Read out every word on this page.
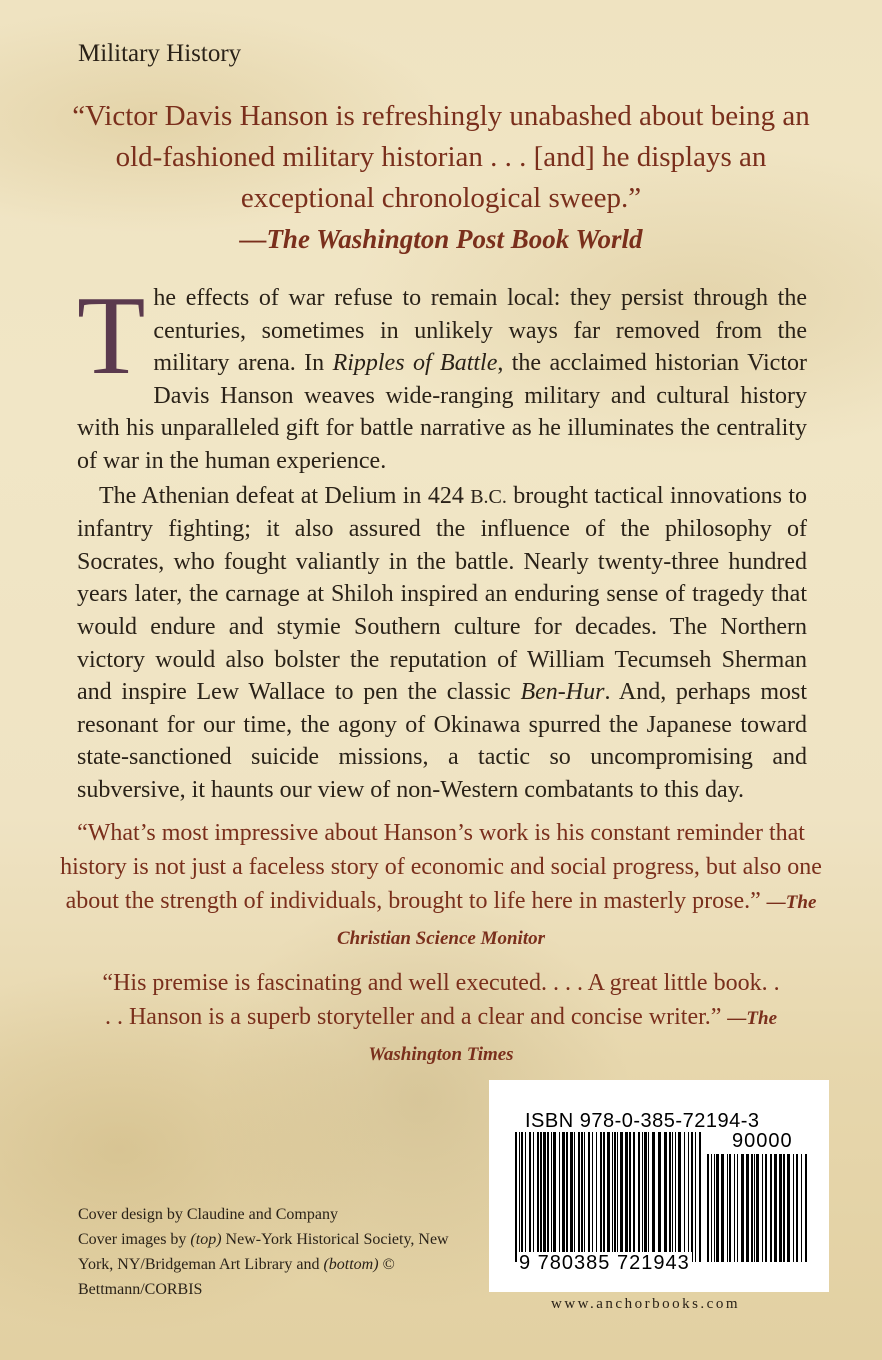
Military History
“Victor Davis Hanson is refreshingly unabashed about being an old-fashioned military historian . . . [and] he displays an exceptional chronological sweep.”
—The Washington Post Book World

The effects of war refuse to remain local: they persist through the centuries, sometimes in unlikely ways far removed from the military arena. In Ripples of Battle, the acclaimed historian Victor Davis Hanson weaves wide-ranging military and cultural history with his unparalleled gift for battle narrative as he illuminates the centrality of war in the human experience.

The Athenian defeat at Delium in 424 B.C. brought tactical innovations to infantry fighting; it also assured the influence of the philosophy of Socrates, who fought valiantly in the battle. Nearly twenty-three hundred years later, the carnage at Shiloh inspired an enduring sense of tragedy that would endure and stymie Southern culture for decades. The Northern victory would also bolster the reputation of William Tecumseh Sherman and inspire Lew Wallace to pen the classic Ben-Hur. And, perhaps most resonant for our time, the agony of Okinawa spurred the Japanese toward state-sanctioned suicide missions, a tactic so uncompromising and subversive, it haunts our view of non-Western combatants to this day.

“What’s most impressive about Hanson’s work is his constant reminder that history is not just a faceless story of economic and social progress, but also one about the strength of individuals, brought to life here in masterly prose.” —The Christian Science Monitor
“His premise is fascinating and well executed. . . . A great little book. . . . Hanson is a superb storyteller and a clear and concise writer.” —The Washington Times
Cover design by Claudine and Company
Cover images by (top) New-York Historical Society, New York, NY/Bridgeman Art Library and (bottom) © Bettmann/CORBIS
ISBN 978-0-385-72194-3
90000
9 780385 721943
www.anchorbooks.com
